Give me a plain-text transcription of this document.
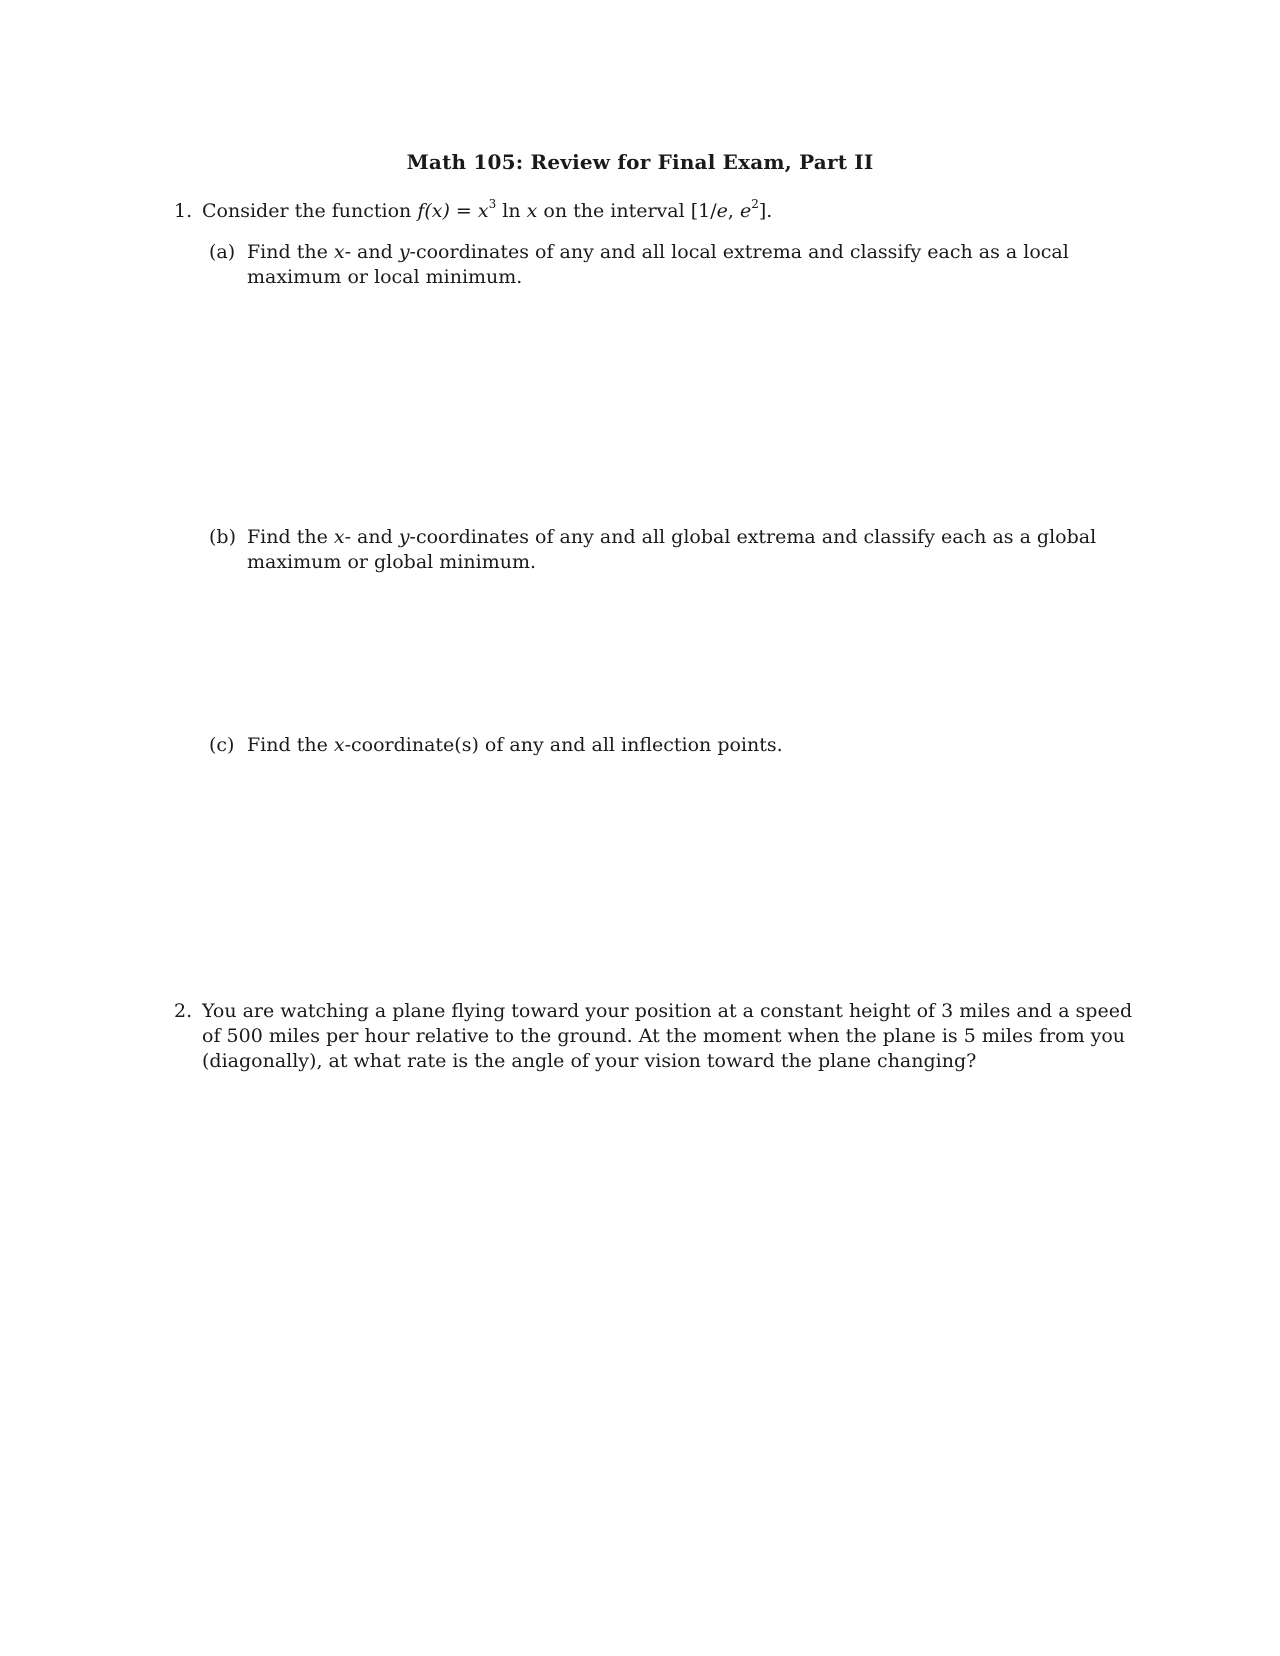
Math 105: Review for Final Exam, Part II
1. Consider the function $f(x) = x^3$ ln x on the interval [1/e, $e^2$].
(a) Find the x- and y-coordinates of any and all local extrema and classify each as a local maximum or local minimum.
(b) Find the x- and y-coordinates of any and all global extrema and classify each as a global maximum or global minimum.
(c) Find the x-coordinate(s) of any and all inflection points.
2. You are watching a plane flying toward your position at a constant height of 3 miles and a speed of 500 miles per hour relative to the ground. At the moment when the plane is 5 miles from you (diagonally), at what rate is the angle of your vision toward the plane changing?
